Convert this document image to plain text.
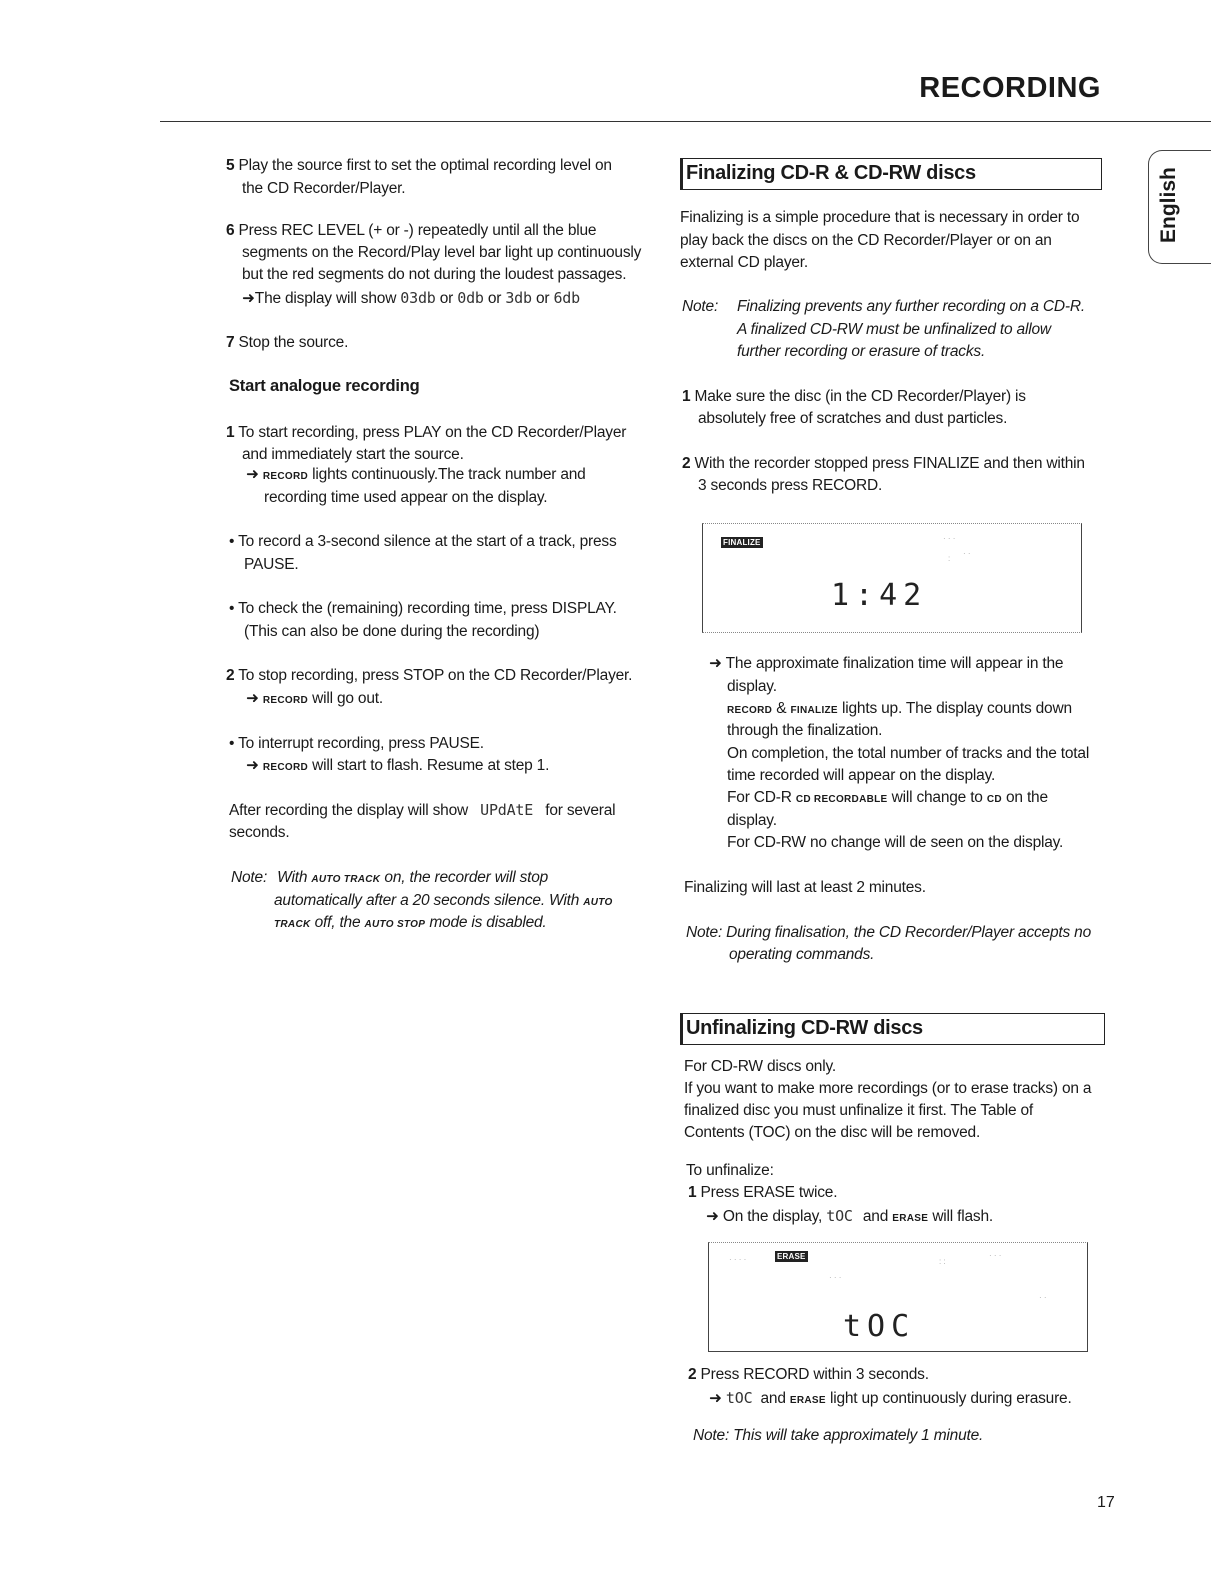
RECORDING
English
5 Play the source first to set the optimal recording level on
the CD Recorder/Player.
6 Press REC LEVEL (+ or -) repeatedly until all the blue
segments on the Record/Play level bar light up continuously
but the red segments do not during the loudest passages.
➜The display will show 03db or 0db or 3db or 6db
7 Stop the source.
Start analogue recording
1 To start recording, press PLAY on the CD Recorder/Player
and immediately start the source.
➜ RECORD lights continuously.The track number and
recording time used appear on the display.
• To record a 3-second silence at the start of a track, press
PAUSE.
• To check the (remaining) recording time, press DISPLAY.
(This can also be done during the recording)
2 To stop recording, press STOP on the CD Recorder/Player.
➜ RECORD will go out.
• To interrupt recording, press PAUSE.
➜ RECORD will start to flash. Resume at step 1.
After recording the display will show UPdAtE for several
seconds.
Note: With AUTO TRACK on, the recorder will stop
automatically after a 20 seconds silence. With AUTO
TRACK off, the AUTO STOP mode is disabled.
Finalizing CD-R & CD-RW discs
Finalizing is a simple procedure that is necessary in order to
play back the discs on the CD Recorder/Player or on an
external CD player.
Note: Finalizing prevents any further recording on a CD-R.
A finalized CD-RW must be unfinalized to allow
further recording or erasure of tracks.
1 Make sure the disc (in the CD Recorder/Player) is
absolutely free of scratches and dust particles.
2 With the recorder stopped press FINALIZE and then within
3 seconds press RECORD.
FINALIZE	· · ·
:
· ·
1:42
➜ The approximate finalization time will appear in the
display.
RECORD & FINALIZE lights up. The display counts down
through the finalization.
On completion, the total number of tracks and the total
time recorded will appear on the display.
For CD-R CD RECORDABLE will change to CD on the
display.
For CD-RW no change will de seen on the display.
Finalizing will last at least 2 minutes.
Note: During finalisation, the CD Recorder/Player accepts no
operating commands.
Unfinalizing CD-RW discs
For CD-RW discs only.
If you want to make more recordings (or to erase tracks) on a
finalized disc you must unfinalize it first. The Table of
Contents (TOC) on the disc will be removed.
To unfinalize:
1 Press ERASE twice.
➜ On the display, tOC and ERASE will flash.
ERASE
· · · ·
· · ·
: :
· · ·
· ·
tOC
2 Press RECORD within 3 seconds.
➜ tOC and ERASE light up continuously during erasure.
Note: This will take approximately 1 minute.
17
